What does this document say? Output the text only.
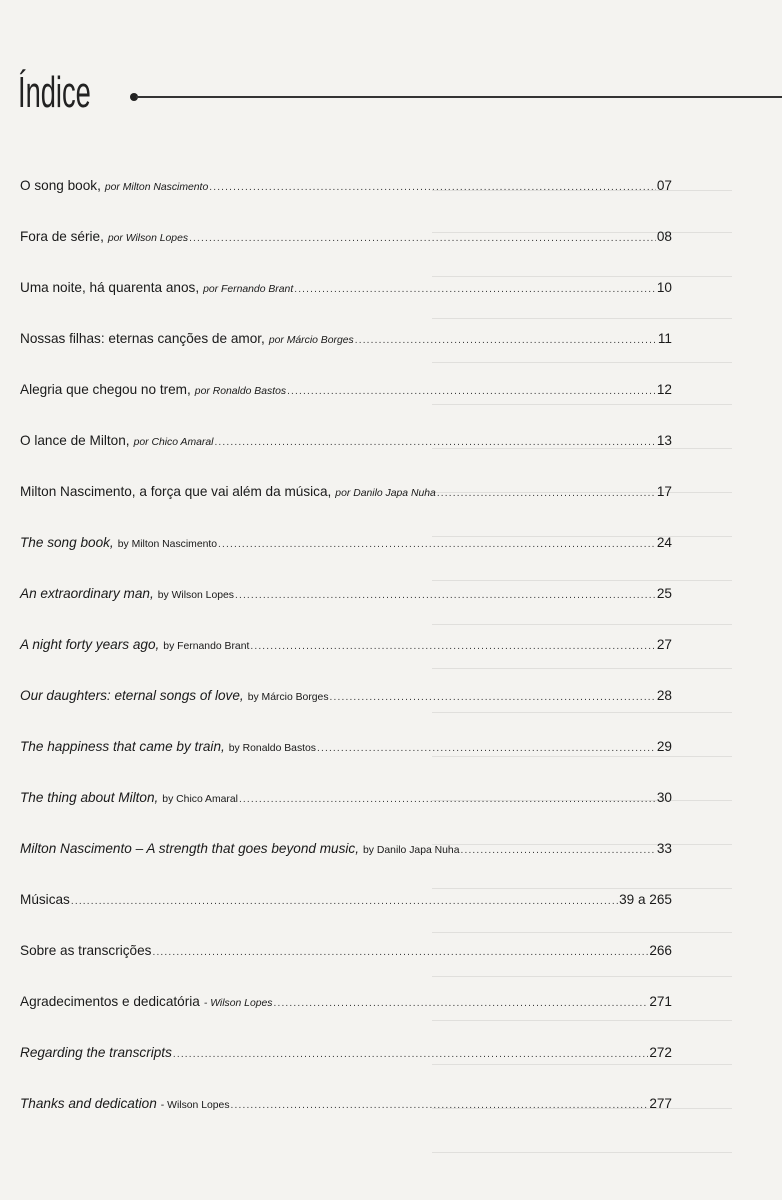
Índice
O song book, por Milton Nascimento .....	07
Fora de série, por Wilson Lopes .....	08
Uma noite, há quarenta anos, por Fernando Brant .....	10
Nossas filhas: eternas canções de amor, por Márcio Borges .....	11
Alegria que chegou no trem, por Ronaldo Bastos .....	12
O lance de Milton, por Chico Amaral .....	13
Milton Nascimento, a força que vai além da música, por Danilo Japa Nuha .....	17
The song book, by Milton Nascimento .....	24
An extraordinary man, by Wilson Lopes .....	25
A night forty years ago, by Fernando Brant .....	27
Our daughters: eternal songs of love, by Márcio Borges .....	28
The happiness that came by train, by Ronaldo Bastos .....	29
The thing about Milton, by Chico Amaral .....	30
Milton Nascimento – A strength that goes beyond music, by Danilo Japa Nuha .....	33
Músicas .....	39 a 265
Sobre as transcrições .....	266
Agradecimentos e dedicatória - Wilson Lopes .....	271
Regarding the transcripts .....	272
Thanks and dedication - Wilson Lopes .....	277
